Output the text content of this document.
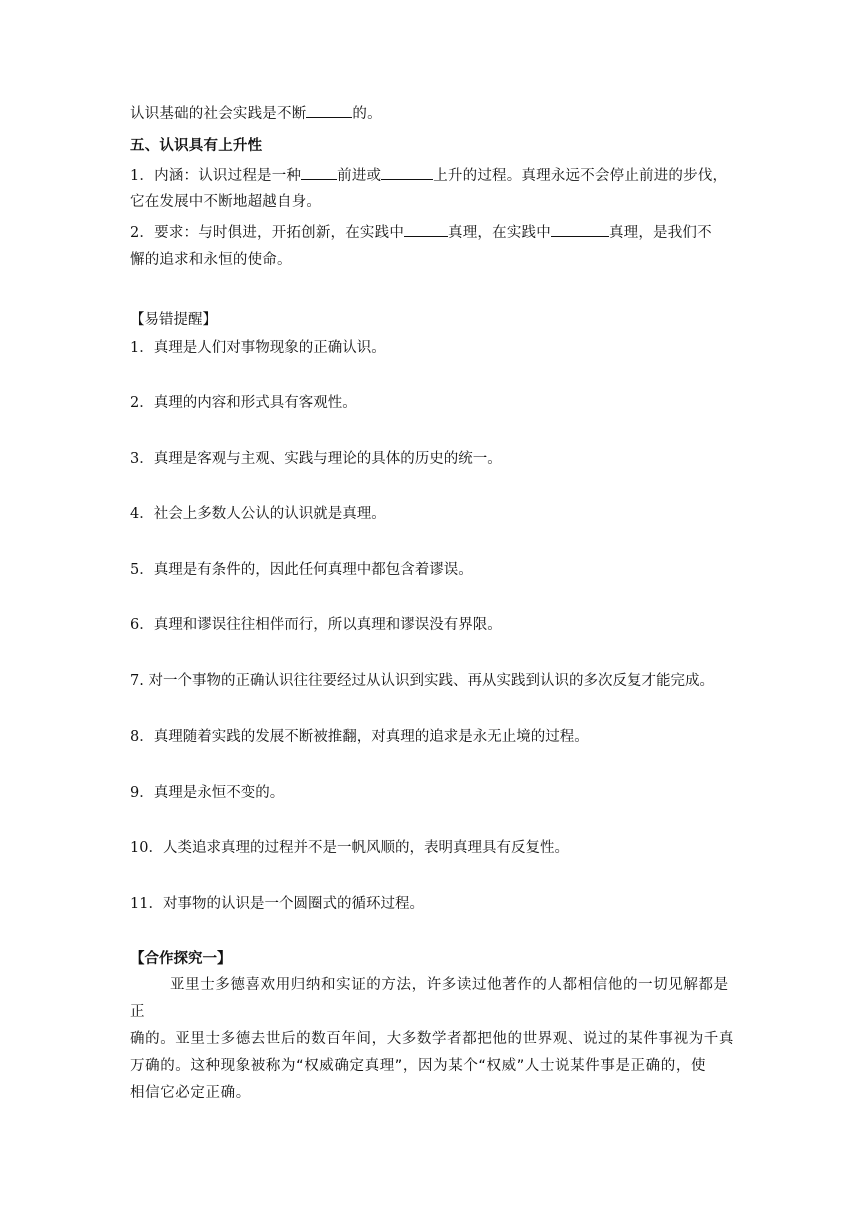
认识基础的社会实践是不断	的。
五、认识具有上升性
1．内涵：认识过程是一种 前进或	上升的过程。真理永远不会停止前进的步伐，
它在发展中不断地超越自身。
2．要求：与时俱进，开拓创新，在实践中	真理，在实践中	真理，是我们不
懈的追求和永恒的使命。
【易错提醒】
1．真理是人们对事物现象的正确认识。
2．真理的内容和形式具有客观性。
3．真理是客观与主观、实践与理论的具体的历史的统一。
4．社会上多数人公认的认识就是真理。
5．真理是有条件的，因此任何真理中都包含着谬误。
6．真理和谬误往往相伴而行，所以真理和谬误没有界限。
7. 对一个事物的正确认识往往要经过从认识到实践、再从实践到认识的多次反复才能完成。
8．真理随着实践的发展不断被推翻，对真理的追求是永无止境的过程。
9．真理是永恒不变的。
10．人类追求真理的过程并不是一帆风顺的，表明真理具有反复性。
11．对事物的认识是一个圆圈式的循环过程。
【合作探究一】
亚里士多德喜欢用归纳和实证的方法，许多读过他著作的人都相信他的一切见解都是正
确的。亚里士多德去世后的数百年间，大多数学者都把他的世界观、说过的某件事视为千真
万确的。这种现象被称为“权威确定真理”，因为某个“权威”人士说某件事是正确的，使
相信它必定正确。
